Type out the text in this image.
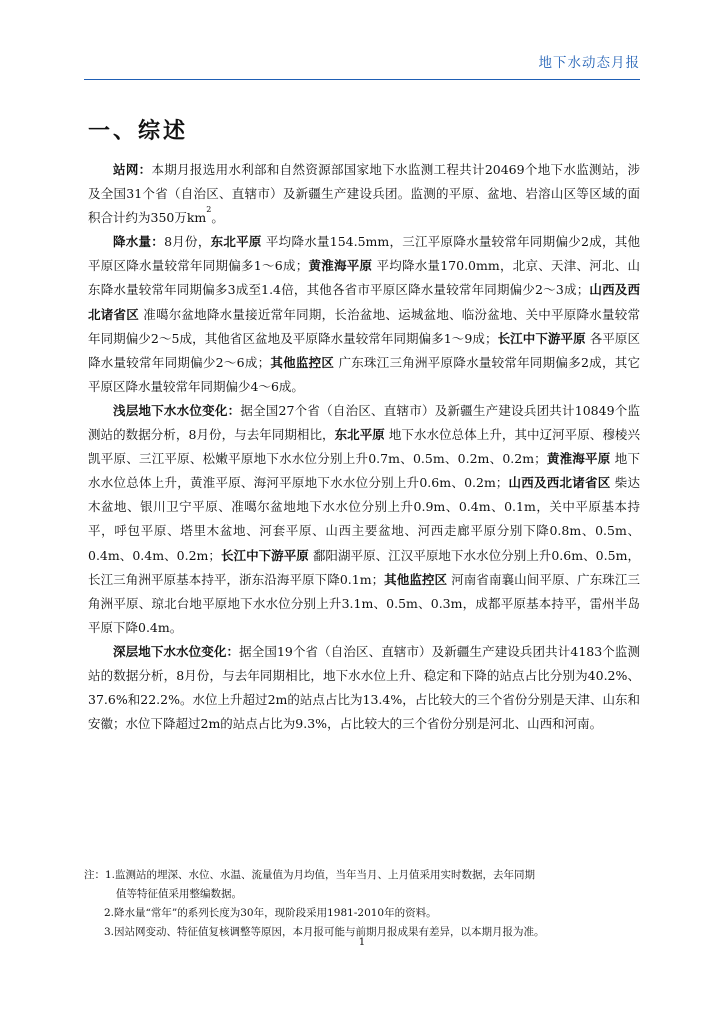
地下水动态月报
一、综述

站网：本期月报选用水利部和自然资源部国家地下水监测工程共计20469个地下水监测站，涉及全国31个省（自治区、直辖市）及新疆生产建设兵团。监测的平原、盆地、岩溶山区等区域的面积合计约为350万$km^2$。

降水量：8月份，东北平原 平均降水量154.5mm，三江平原降水量较常年同期偏少2成，其他平原区降水量较常年同期偏多1～6成；黄淮海平原 平均降水量170.0mm，北京、天津、河北、山东降水量较常年同期偏多3成至1.4倍，其他各省市平原区降水量较常年同期偏少2～3成；山西及西北诸省区 准噶尔盆地降水量接近常年同期，长治盆地、运城盆地、临汾盆地、关中平原降水量较常年同期偏少2～5成，其他省区盆地及平原降水量较常年同期偏多1～9成；长江中下游平原 各平原区降水量较常年同期偏少2～6成；其他监控区 广东珠江三角洲平原降水量较常年同期偏多2成，其它平原区降水量较常年同期偏少4～6成。

浅层地下水水位变化：据全国27个省（自治区、直辖市）及新疆生产建设兵团共计10849个监测站的数据分析，8月份，与去年同期相比，东北平原 地下水水位总体上升，其中辽河平原、穆棱兴凯平原、三江平原、松嫩平原地下水水位分别上升0.7m、0.5m、0.2m、0.2m；黄淮海平原 地下水水位总体上升，黄淮平原、海河平原地下水水位分别上升0.6m、0.2m；山西及西北诸省区 柴达木盆地、银川卫宁平原、准噶尔盆地地下水水位分别上升0.9m、0.4m、0.1m，关中平原基本持平，呼包平原、塔里木盆地、河套平原、山西主要盆地、河西走廊平原分别下降0.8m、0.5m、0.4m、0.4m、0.2m；长江中下游平原 鄱阳湖平原、江汉平原地下水水位分别上升0.6m、0.5m，长江三角洲平原基本持平，浙东沿海平原下降0.1m；其他监控区 河南省南襄山间平原、广东珠江三角洲平原、琼北台地平原地下水水位分别上升3.1m、0.5m、0.3m，成都平原基本持平，雷州半岛平原下降0.4m。

深层地下水水位变化：据全国19个省（自治区、直辖市）及新疆生产建设兵团共计4183个监测站的数据分析，8月份，与去年同期相比，地下水水位上升、稳定和下降的站点占比分别为40.2%、37.6%和22.2%。水位上升超过2m的站点占比为13.4%，占比较大的三个省份分别是天津、山东和安徽；水位下降超过2m的站点占比为9.3%，占比较大的三个省份分别是河北、山西和河南。

注：1.监测站的埋深、水位、水温、流量值为月均值，当年当月、上月值采用实时数据，去年同期

值等特征值采用整编数据。

2.降水量“常年”的系列长度为30年，现阶段采用1981-2010年的资料。

3.因站网变动、特征值复核调整等原因，本月报可能与前期月报成果有差异，以本期月报为准。

1
